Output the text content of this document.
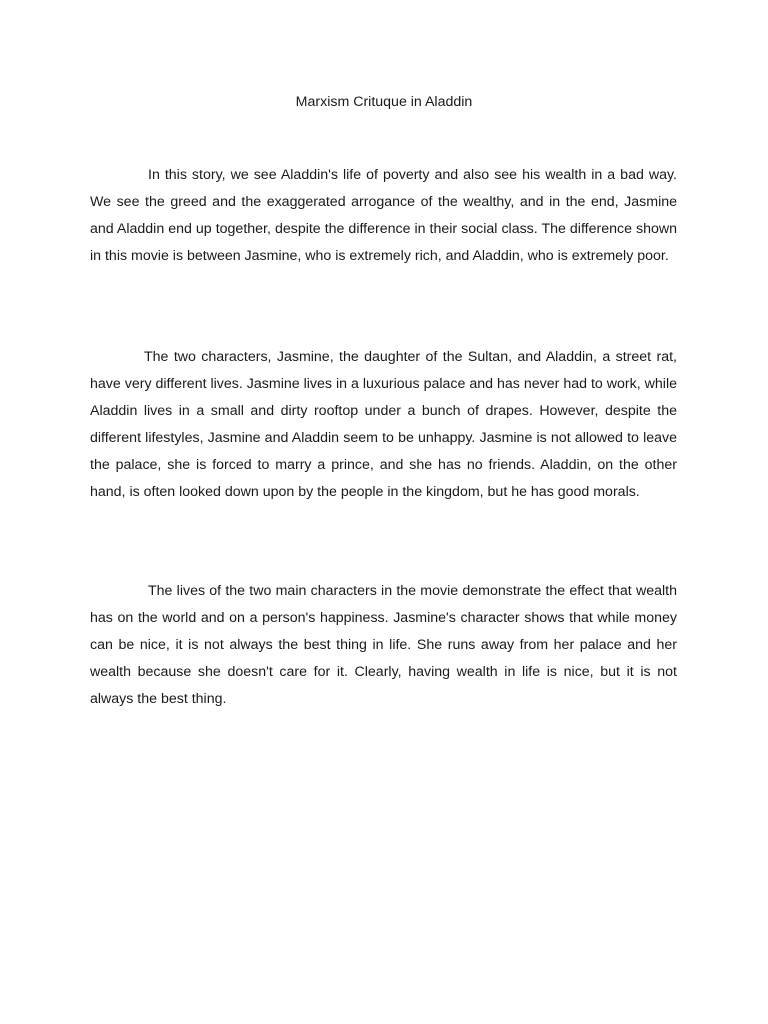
Marxism Crituque in Aladdin

In this story, we see Aladdin's life of poverty and also see his wealth in a bad way. We see the greed and the exaggerated arrogance of the wealthy, and in the end, Jasmine and Aladdin end up together, despite the difference in their social class. The difference shown in this movie is between Jasmine, who is extremely rich, and Aladdin, who is extremely poor.

The two characters, Jasmine, the daughter of the Sultan, and Aladdin, a street rat, have very different lives. Jasmine lives in a luxurious palace and has never had to work, while Aladdin lives in a small and dirty rooftop under a bunch of drapes. However, despite the different lifestyles, Jasmine and Aladdin seem to be unhappy. Jasmine is not allowed to leave the palace, she is forced to marry a prince, and she has no friends. Aladdin, on the other hand, is often looked down upon by the people in the kingdom, but he has good morals.

The lives of the two main characters in the movie demonstrate the effect that wealth has on the world and on a person's happiness. Jasmine's character shows that while money can be nice, it is not always the best thing in life. She runs away from her palace and her wealth because she doesn't care for it. Clearly, having wealth in life is nice, but it is not always the best thing.
